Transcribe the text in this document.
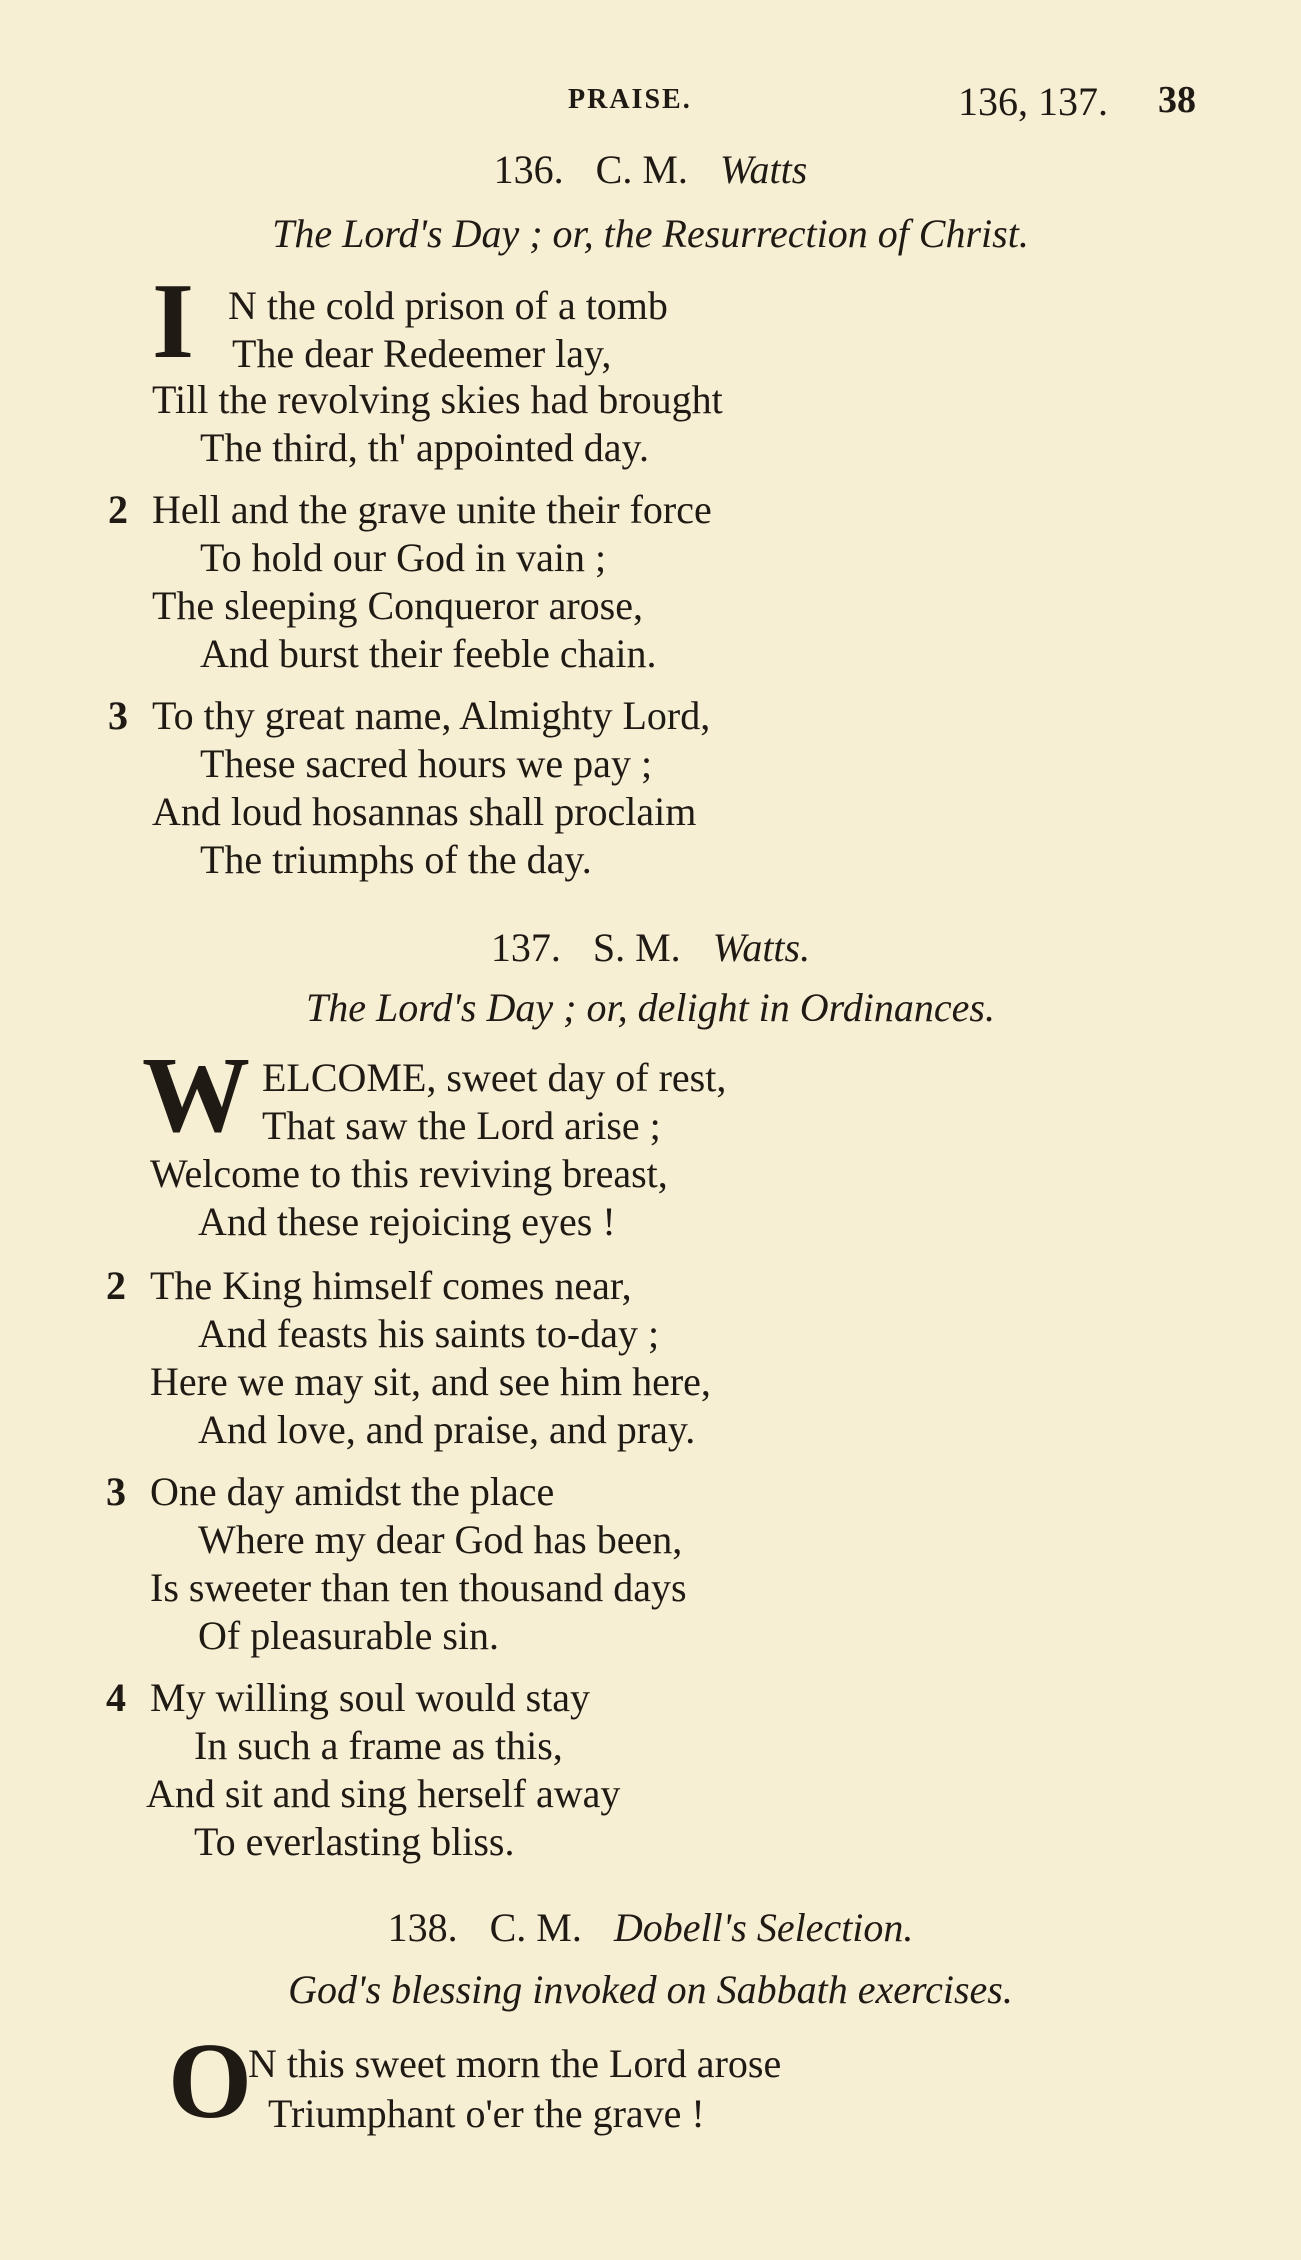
PRAISE.	136, 137. 38
136. C. M. Watts
The Lord's Day ; or, the Resurrection of Christ.
I N the cold prison of a tomb
The dear Redeemer lay,
Till the revolving skies had brought
The third, th' appointed day.
2 Hell and the grave unite their force
To hold our God in vain ;
The sleeping Conqueror arose,
And burst their feeble chain.
3 To thy great name, Almighty Lord,
These sacred hours we pay ;
And loud hosannas shall proclaim
The triumphs of the day.
137. S. M. Watts.
The Lord's Day ; or, delight in Ordinances.
W ELCOME, sweet day of rest,
That saw the Lord arise ;
Welcome to this reviving breast,
And these rejoicing eyes !
2 The King himself comes near,
And feasts his saints to-day ;
Here we may sit, and see him here,
And love, and praise, and pray.
3 One day amidst the place
Where my dear God has been,
Is sweeter than ten thousand days
Of pleasurable sin.
4 My willing soul would stay
In such a frame as this,
And sit and sing herself away
To everlasting bliss.
138. C. M. Dobell's Selection.
God's blessing invoked on Sabbath exercises.
O
N this sweet morn the Lord arose
Triumphant o'er the grave !
